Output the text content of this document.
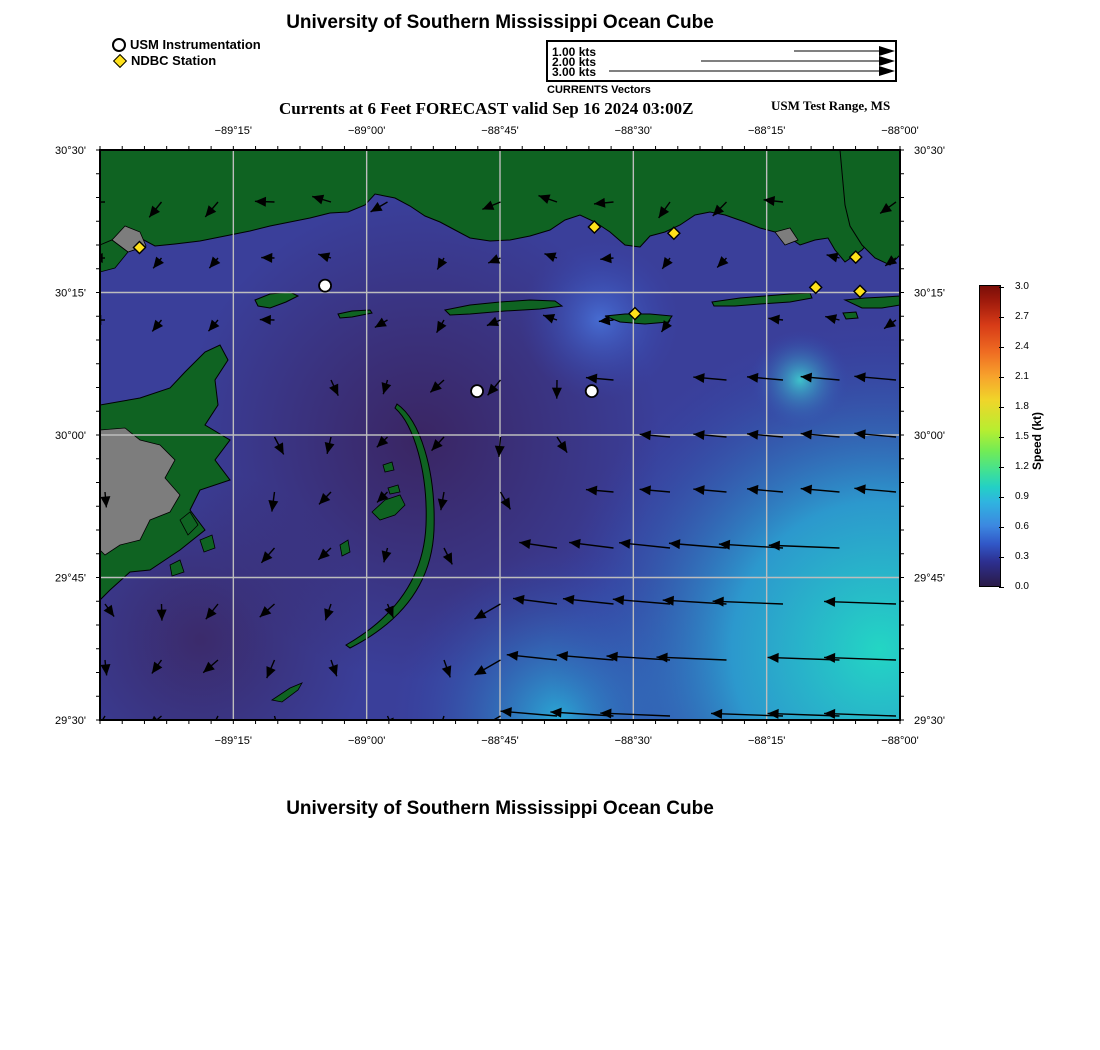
University of Southern Mississippi Ocean Cube
USM Instrumentation
NDBC Station
1.00 kts
2.00 kts
3.00 kts
CURRENTS Vectors
Currents at 6 Feet FORECAST valid Sep 16 2024 03:00Z	USM Test Range, MS
−89°15'
−89°15'
−89°00'
−89°00'
−88°45'
−88°45'
−88°30'
−88°30'
−88°15'
−88°15'
−88°00'
−88°00'
30°30'	30°30'
30°15'	30°15'
30°00'	30°00'
29°45'	29°45'
29°30'	29°30'
3.0
2.7
2.4
2.1
1.8
1.5
1.2
0.9
0.6
0.3
0.0
Speed (kt)
University of Southern Mississippi Ocean Cube
